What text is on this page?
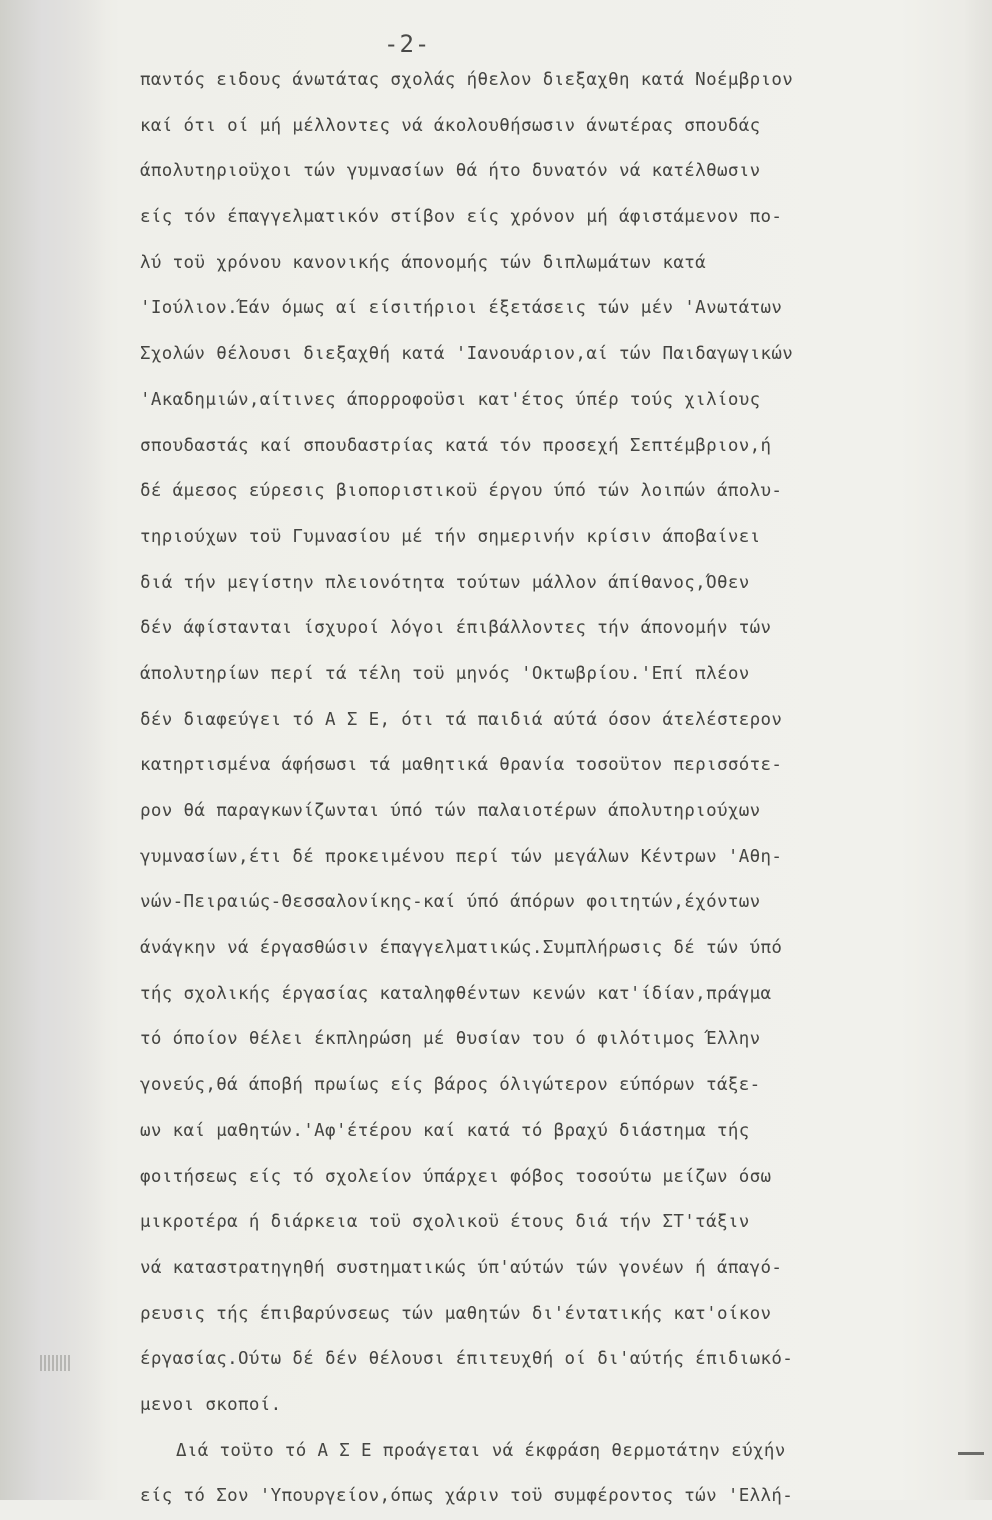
-2-
παντός ειδους άνωτάτας σχολάς ήθελον διεξαχθη κατά Νοέμβριον
καί ότι οί μή μέλλοντες νά άκολουθήσωσιν άνωτέρας σπουδάς
άπολυτηριοϋχοι τών γυμνασίων θά ήτο δυνατόν νά κατέλθωσιν
είς τόν έπαγγελματικόν στίβον είς χρόνον μή άφιστάμενον πο-
λύ τοϋ χρόνου κανονικής άπονομής τών διπλωμάτων κατά
'Ιούλιον.Έάν όμως αί είσιτήριοι έξετάσεις τών μέν 'Ανωτάτων
Σχολών θέλουσι διεξαχθή κατά 'Ιανουάριον,αί τών Παιδαγωγικών
'Ακαδημιών,αίτινες άπορροφοϋσι κατ'έτος ύπέρ τούς χιλίους
σπουδαστάς καί σπουδαστρίας κατά τόν προσεχή Σεπτέμβριον,ή
δέ άμεσος εύρεσις βιοποριστικοϋ έργου ύπό τών λοιπών άπολυ-
τηριούχων τοϋ Γυμνασίου μέ τήν σημερινήν κρίσιν άποβαίνει
διά τήν μεγίστην πλειονότητα τούτων μάλλον άπίθανος,Όθεν
δέν άφίστανται ίσχυροί λόγοι έπιβάλλοντες τήν άπονομήν τών
άπολυτηρίων περί τά τέλη τοϋ μηνός 'Οκτωβρίου.'Επί πλέον
δέν διαφεύγει τό Α Σ Ε, ότι τά παιδιά αύτά όσον άτελέστερον
κατηρτισμένα άφήσωσι τά μαθητικά θρανία τοσοϋτον περισσότε-
ρον θά παραγκωνίζωνται ύπό τών παλαιοτέρων άπολυτηριούχων
γυμνασίων,έτι δέ προκειμένου περί τών μεγάλων Κέντρων 'Αθη-
νών-Πειραιώς-Θεσσαλονίκης-καί ύπό άπόρων φοιτητών,έχόντων
άνάγκην νά έργασθώσιν έπαγγελματικώς.Συμπλήρωσις δέ τών ύπό
τής σχολικής έργασίας καταληφθέντων κενών κατ'ίδίαν,πράγμα
τό όποίον θέλει έκπληρώση μέ θυσίαν του ό φιλότιμος Έλλην
γονεύς,θά άποβή πρωίως είς βάρος όλιγώτερον εύπόρων τάξε-
ων καί μαθητών.'Αφ'έτέρου καί κατά τό βραχύ διάστημα τής
φοιτήσεως είς τό σχολείον ύπάρχει φόβος τοσούτω μείζων όσω
μικροτέρα ή διάρκεια τοϋ σχολικοϋ έτους διά τήν ΣΤ'τάξιν
νά καταστρατηγηθή συστηματικώς ύπ'αύτών τών γονέων ή άπαγό-
ρευσις τής έπιβαρύνσεως τών μαθητών δι'έντατικής κατ'οίκον
έργασίας.Ούτω δέ δέν θέλουσι έπιτευχθή οί δι'αύτής έπιδιωκό-
μενοι σκοποί.
Διά τοϋτο τό Α Σ Ε προάγεται νά έκφράση θερμοτάτην εύχήν
είς τό Σον 'Υπουργείον,όπως χάριν τοϋ συμφέροντος τών 'Ελλή-
